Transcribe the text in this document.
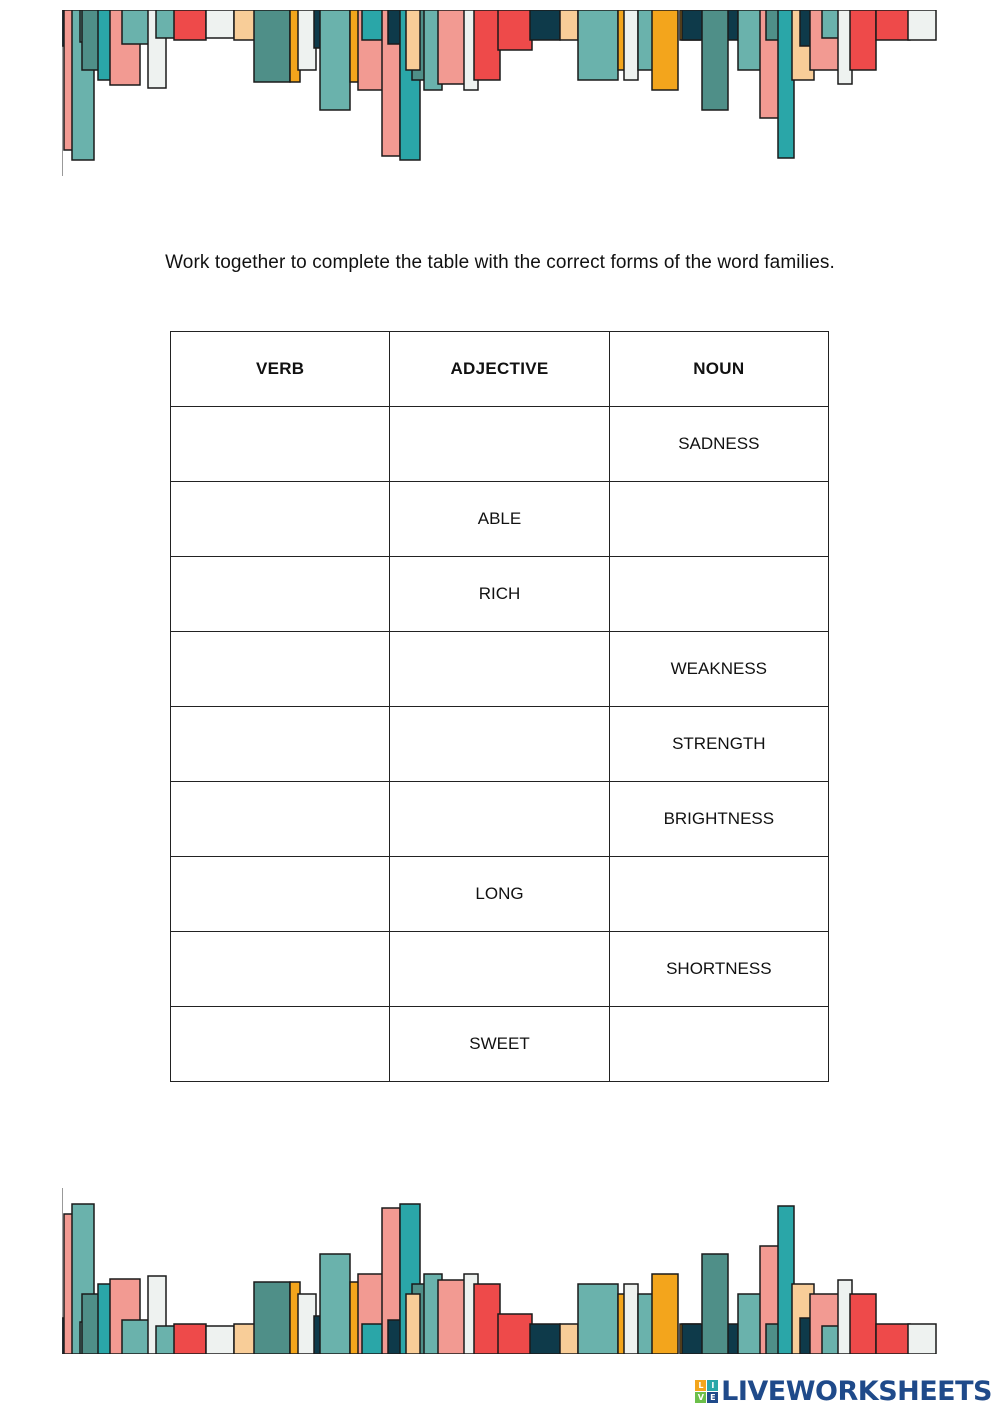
Work together to complete the table with the correct forms of the word families.
VERB	ADJECTIVE	NOUN
		SADNESS
	ABLE	
	RICH	
		WEAKNESS
		STRENGTH
		BRIGHTNESS
	LONG	
		SHORTNESS
	SWEET	
L	I
V E LIVEWORKSHEETS
